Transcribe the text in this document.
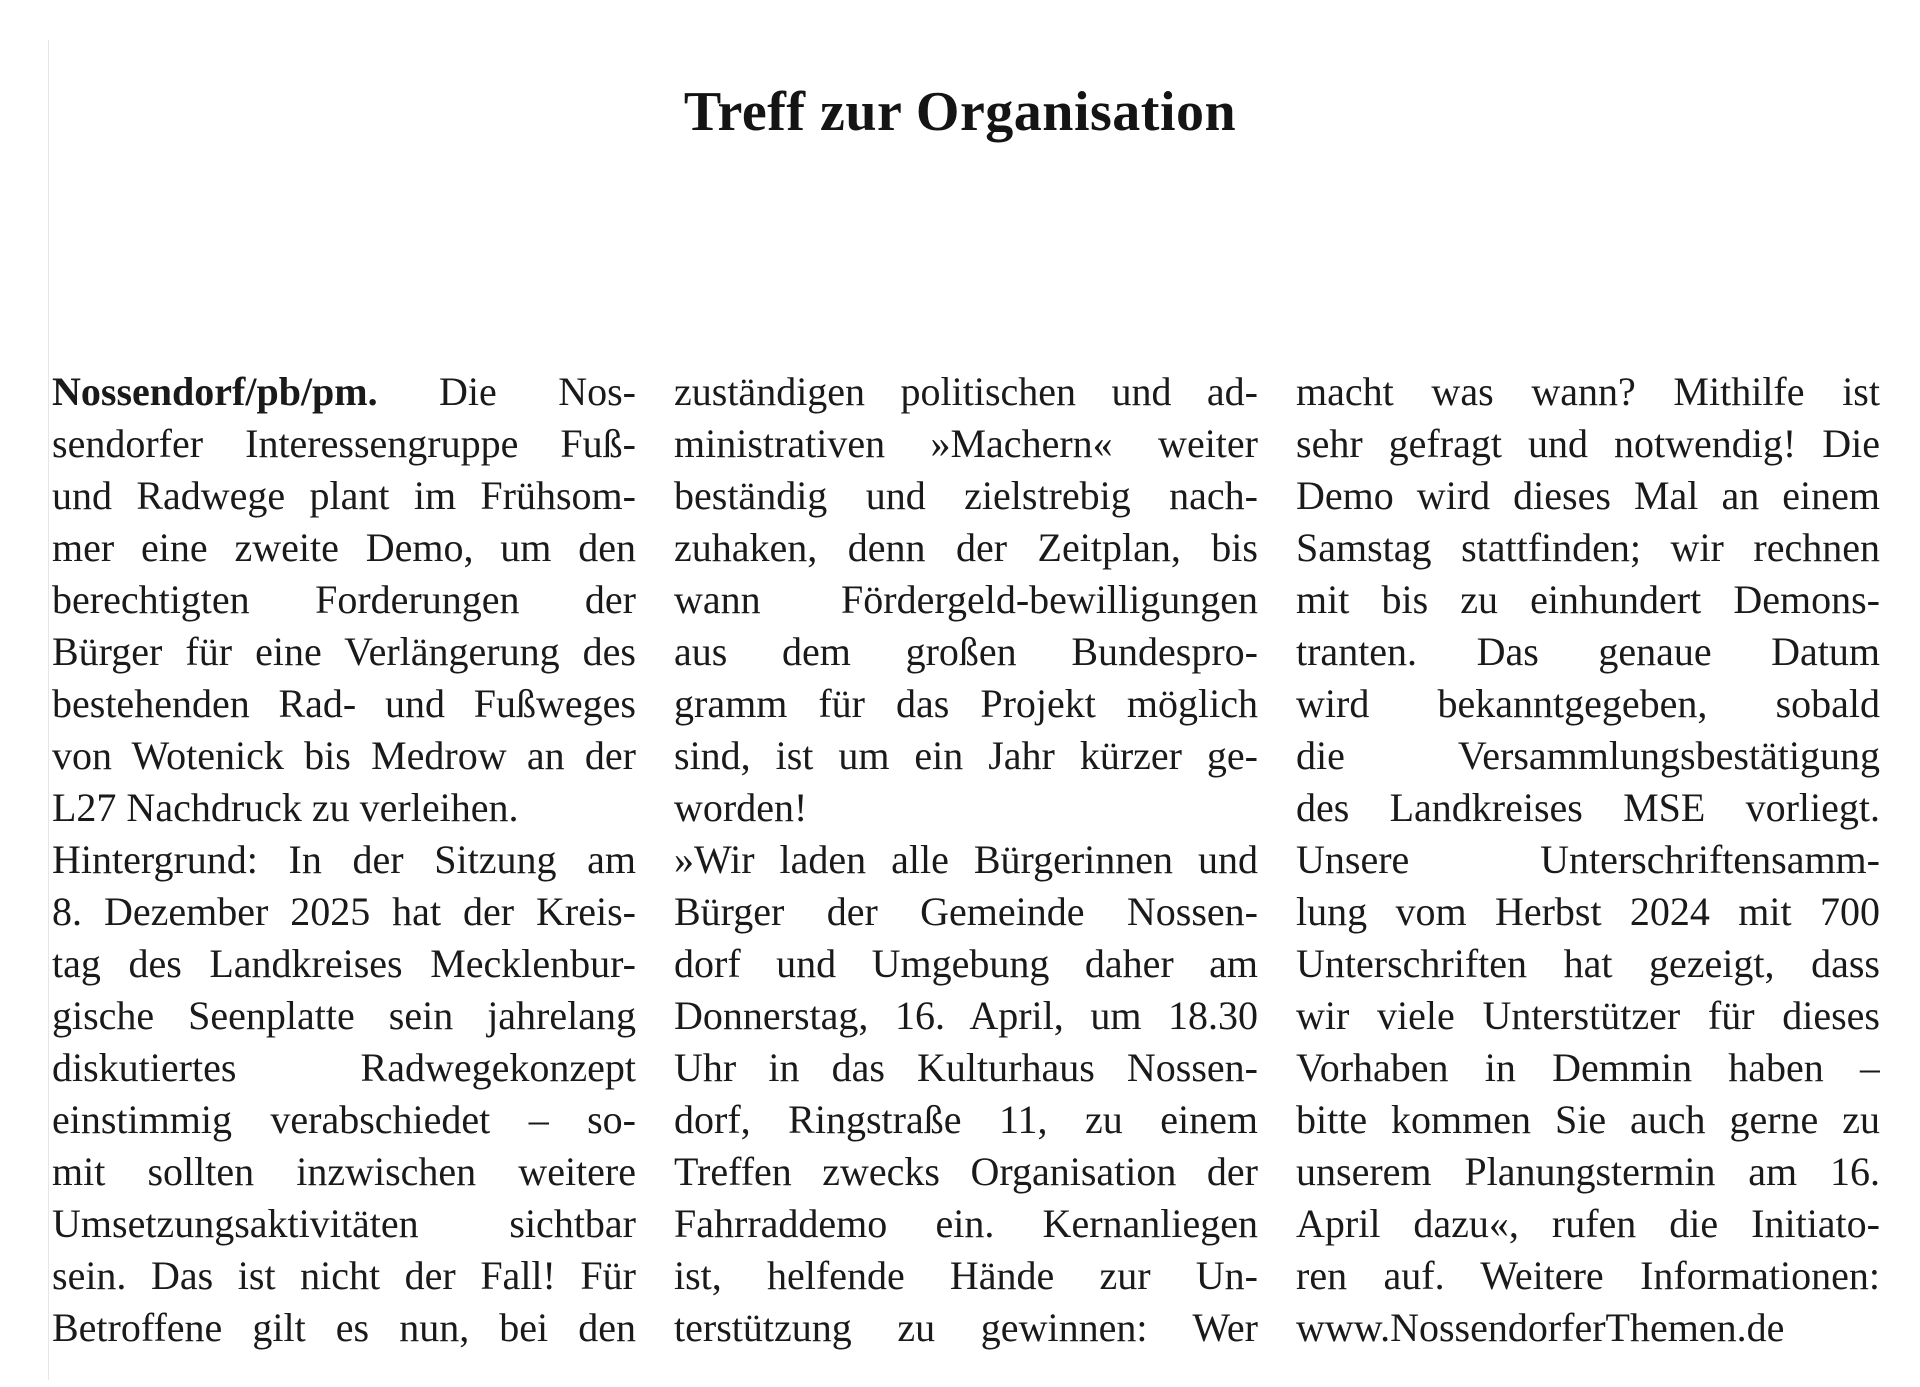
Treff zur Organisation
Nossendorf/pb/pm. Die Nos-
sendorfer Interessengruppe Fuß-
und Radwege plant im Frühsom-
mer eine zweite Demo, um den
berechtigten Forderungen der
Bürger für eine Verlängerung des
bestehenden Rad- und Fußweges
von Wotenick bis Medrow an der
L27 Nachdruck zu verleihen.
Hintergrund: In der Sitzung am
8. Dezember 2025 hat der Kreis-
tag des Landkreises Mecklenbur-
gische Seenplatte sein jahrelang
diskutiertes Radwegekonzept
einstimmig verabschiedet – so-
mit sollten inzwischen weitere
Umsetzungsaktivitäten sichtbar
sein. Das ist nicht der Fall! Für
Betroffene gilt es nun, bei den
zuständigen politischen und ad-
ministrativen »Machern« weiter
beständig und zielstrebig nach-
zuhaken, denn der Zeitplan, bis
wann Fördergeld-bewilligungen
aus dem großen Bundespro-
gramm für das Projekt möglich
sind, ist um ein Jahr kürzer ge-
worden!
»Wir laden alle Bürgerinnen und
Bürger der Gemeinde Nossen-
dorf und Umgebung daher am
Donnerstag, 16. April, um 18.30
Uhr in das Kulturhaus Nossen-
dorf, Ringstraße 11, zu einem
Treffen zwecks Organisation der
Fahrraddemo ein. Kernanliegen
ist, helfende Hände zur Un-
terstützung zu gewinnen: Wer
macht was wann? Mithilfe ist
sehr gefragt und notwendig! Die
Demo wird dieses Mal an einem
Samstag stattfinden; wir rechnen
mit bis zu einhundert Demons-
tranten. Das genaue Datum
wird bekanntgegeben, sobald
die Versammlungsbestätigung
des Landkreises MSE vorliegt.
Unsere Unterschriftensamm-
lung vom Herbst 2024 mit 700
Unterschriften hat gezeigt, dass
wir viele Unterstützer für dieses
Vorhaben in Demmin haben –
bitte kommen Sie auch gerne zu
unserem Planungstermin am 16.
April dazu«, rufen die Initiato-
ren auf. Weitere Informationen:
www.NossendorferThemen.de
